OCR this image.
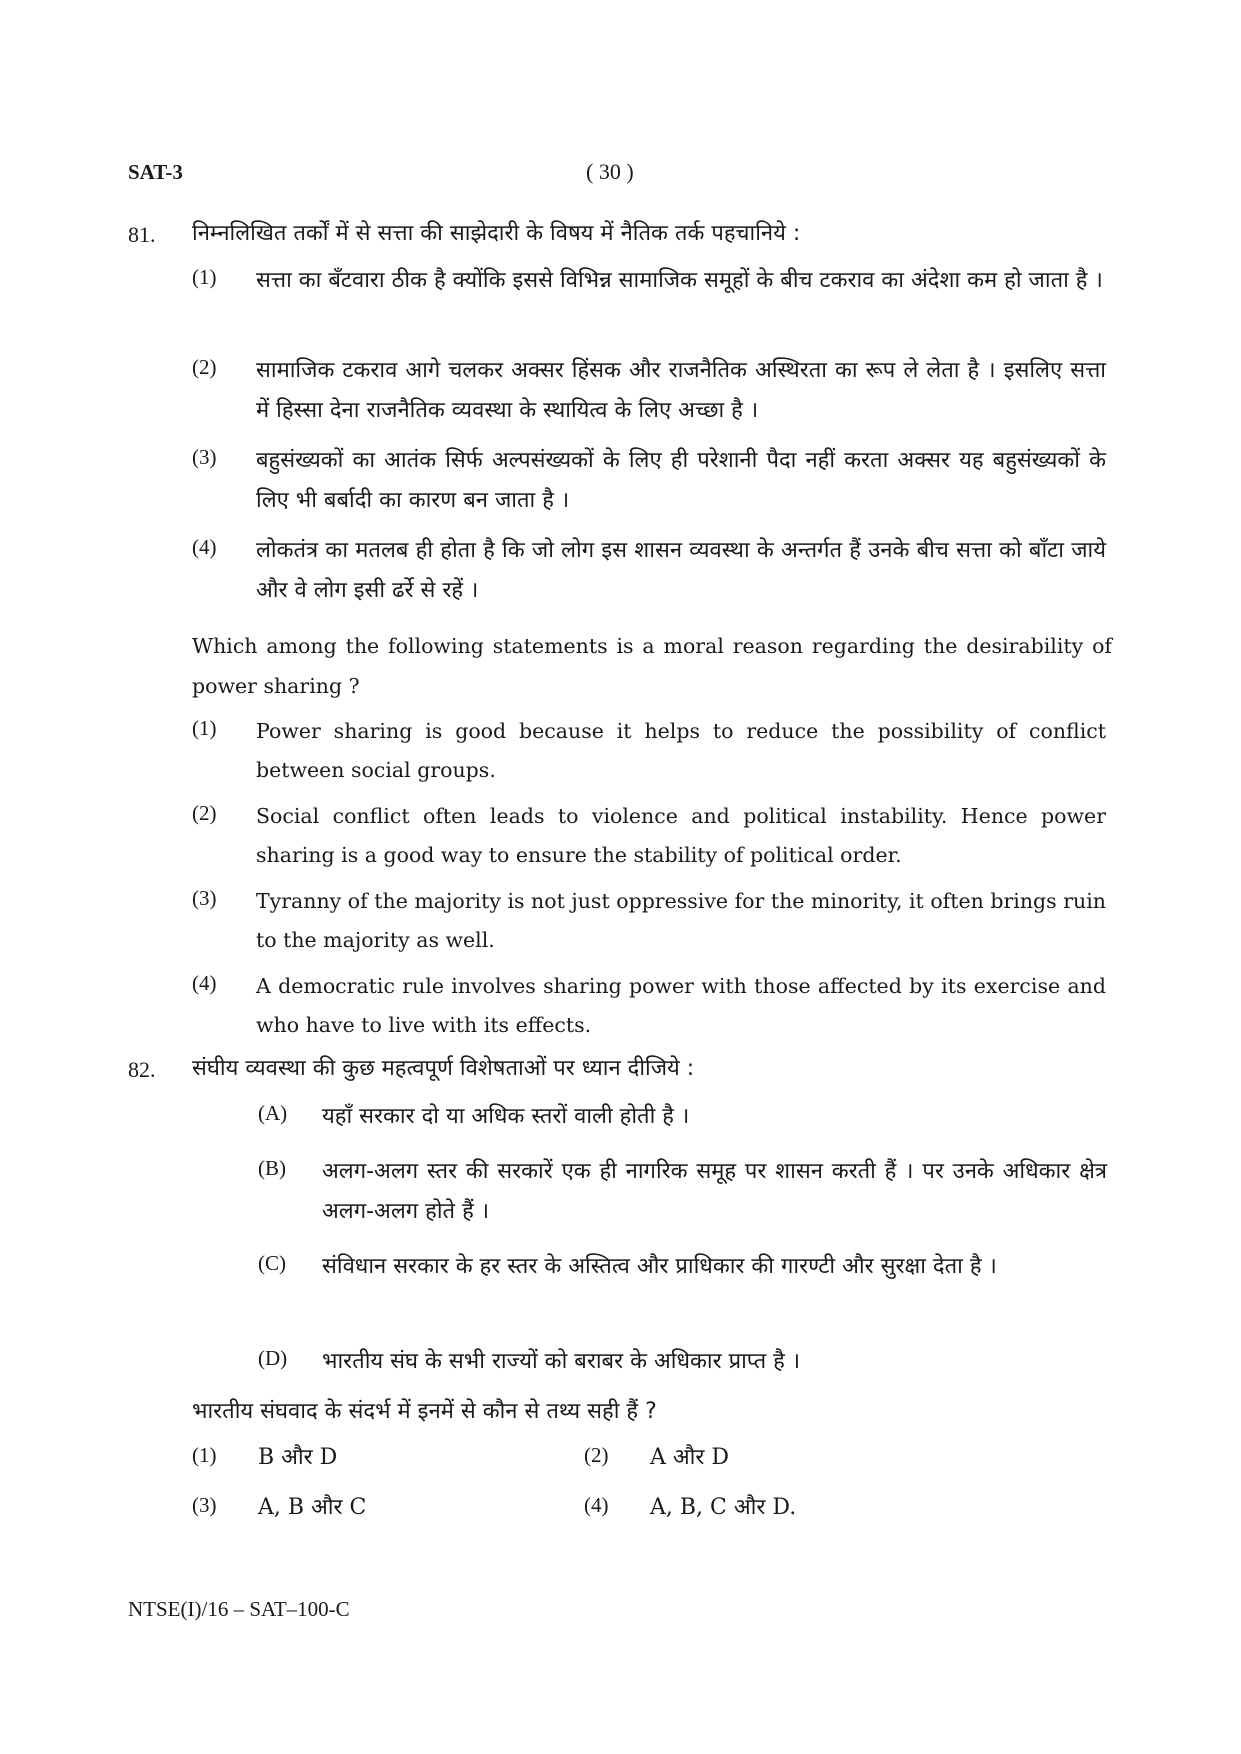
SAT-3	( 30 )
81. निम्नलिखित तर्कों में से सत्ता की साझेदारी के विषय में नैतिक तर्क पहचानिये :
(1) सत्ता का बँटवारा ठीक है क्योंकि इससे विभिन्न सामाजिक समूहों के बीच टकराव का अंदेशा कम हो जाता है ।
(2) सामाजिक टकराव आगे चलकर अक्सर हिंसक और राजनैतिक अस्थिरता का रूप ले लेता है । इसलिए सत्ता में हिस्सा देना राजनैतिक व्यवस्था के स्थायित्व के लिए अच्छा है ।
(3) बहुसंख्यकों का आतंक सिर्फ अल्पसंख्यकों के लिए ही परेशानी पैदा नहीं करता अक्सर यह बहुसंख्यकों के लिए भी बर्बादी का कारण बन जाता है ।
(4) लोकतंत्र का मतलब ही होता है कि जो लोग इस शासन व्यवस्था के अन्तर्गत हैं उनके बीच सत्ता को बाँटा जाये और वे लोग इसी ढर्रे से रहें ।
Which among the following statements is a moral reason regarding the desirability of power sharing ?
(1) Power sharing is good because it helps to reduce the possibility of conflict between social groups.
(2) Social conflict often leads to violence and political instability. Hence power sharing is a good way to ensure the stability of political order.
(3) Tyranny of the majority is not just oppressive for the minority, it often brings ruin to the majority as well.
(4) A democratic rule involves sharing power with those affected by its exercise and who have to live with its effects.
82. संघीय व्यवस्था की कुछ महत्वपूर्ण विशेषताओं पर ध्यान दीजिये :
(A) यहाँ सरकार दो या अधिक स्तरों वाली होती है ।
(B) अलग-अलग स्तर की सरकारें एक ही नागरिक समूह पर शासन करती हैं । पर उनके अधिकार क्षेत्र अलग-अलग होते हैं ।
(C) संविधान सरकार के हर स्तर के अस्तित्व और प्राधिकार की गारण्टी और सुरक्षा देता है ।
(D) भारतीय संघ के सभी राज्यों को बराबर के अधिकार प्राप्त है ।
भारतीय संघवाद के संदर्भ में इनमें से कौन से तथ्य सही हैं ?
(1) B और D	(2) A और D
(3) A, B और C	(4) A, B, C और D.
NTSE(I)/16 – SAT–100-C
